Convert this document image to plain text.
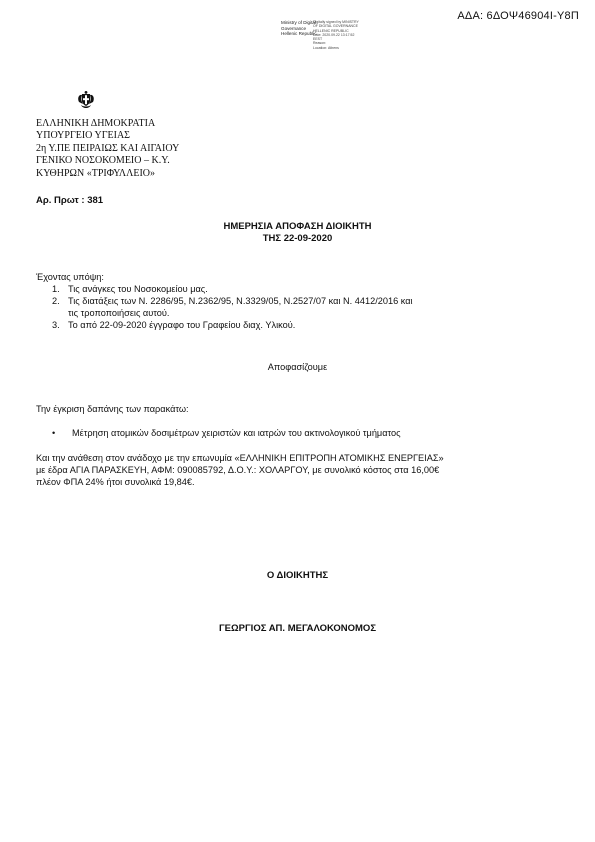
ΑΔΑ: 6ΔΟΨ46904Ι-Υ8Π
Ministry of Digital
Governance
Hellenic Republic
Digitally signed by MINISTRY
OF DIGITAL GOVERNANCE
HELLENIC REPUBLIC
Date: 2020.09.22 13:17:52
EEST
Reason:
Location: Athens
ΕΛΛΗΝΙΚΗ ΔΗΜΟΚΡΑΤΙΑ
ΥΠΟΥΡΓΕΙΟ ΥΓΕΙΑΣ
2η Υ.ΠΕ ΠΕΙΡΑΙΩΣ ΚΑΙ ΑΙΓΑΙΟΥ
ΓΕΝΙΚΟ ΝΟΣΟΚΟΜΕΙΟ – Κ.Υ.
ΚΥΘΗΡΩΝ «ΤΡΙΦΥΛΛΕΙΟ»
Αρ. Πρωτ : 381
ΗΜΕΡΗΣΙΑ ΑΠΟΦΑΣΗ ΔΙΟΙΚΗΤΗ
ΤΗΣ 22-09-2020
Έχοντας υπόψη:
1. Τις ανάγκες του Νοσοκομείου μας.
2. Τις διατάξεις των Ν. 2286/95, Ν.2362/95, Ν.3329/05, Ν.2527/07 και Ν. 4412/2016 και
τις τροποποιήσεις αυτού.
3. Το από 22-09-2020 έγγραφο του Γραφείου διαχ. Υλικού.
Αποφασίζουμε
Την έγκριση δαπάνης των παρακάτω:
• Μέτρηση ατομικών δοσιμέτρων χειριστών και ιατρών του ακτινολογικού τμήματος
Και την ανάθεση στον ανάδοχο με την επωνυμία «ΕΛΛΗΝΙΚΗ ΕΠΙΤΡΟΠΗ ΑΤΟΜΙΚΗΣ ΕΝΕΡΓΕΙΑΣ»
με έδρα ΑΓΙΑ ΠΑΡΑΣΚΕΥΗ, ΑΦΜ: 090085792, Δ.Ο.Υ.: ΧΟΛΑΡΓΟΥ, με συνολικό κόστος στα 16,00€
πλέον ΦΠΑ 24% ήτοι συνολικά 19,84€.
Ο ΔΙΟΙΚΗΤΗΣ
ΓΕΩΡΓΙΟΣ ΑΠ. ΜΕΓΑΛΟΚΟΝΟΜΟΣ
